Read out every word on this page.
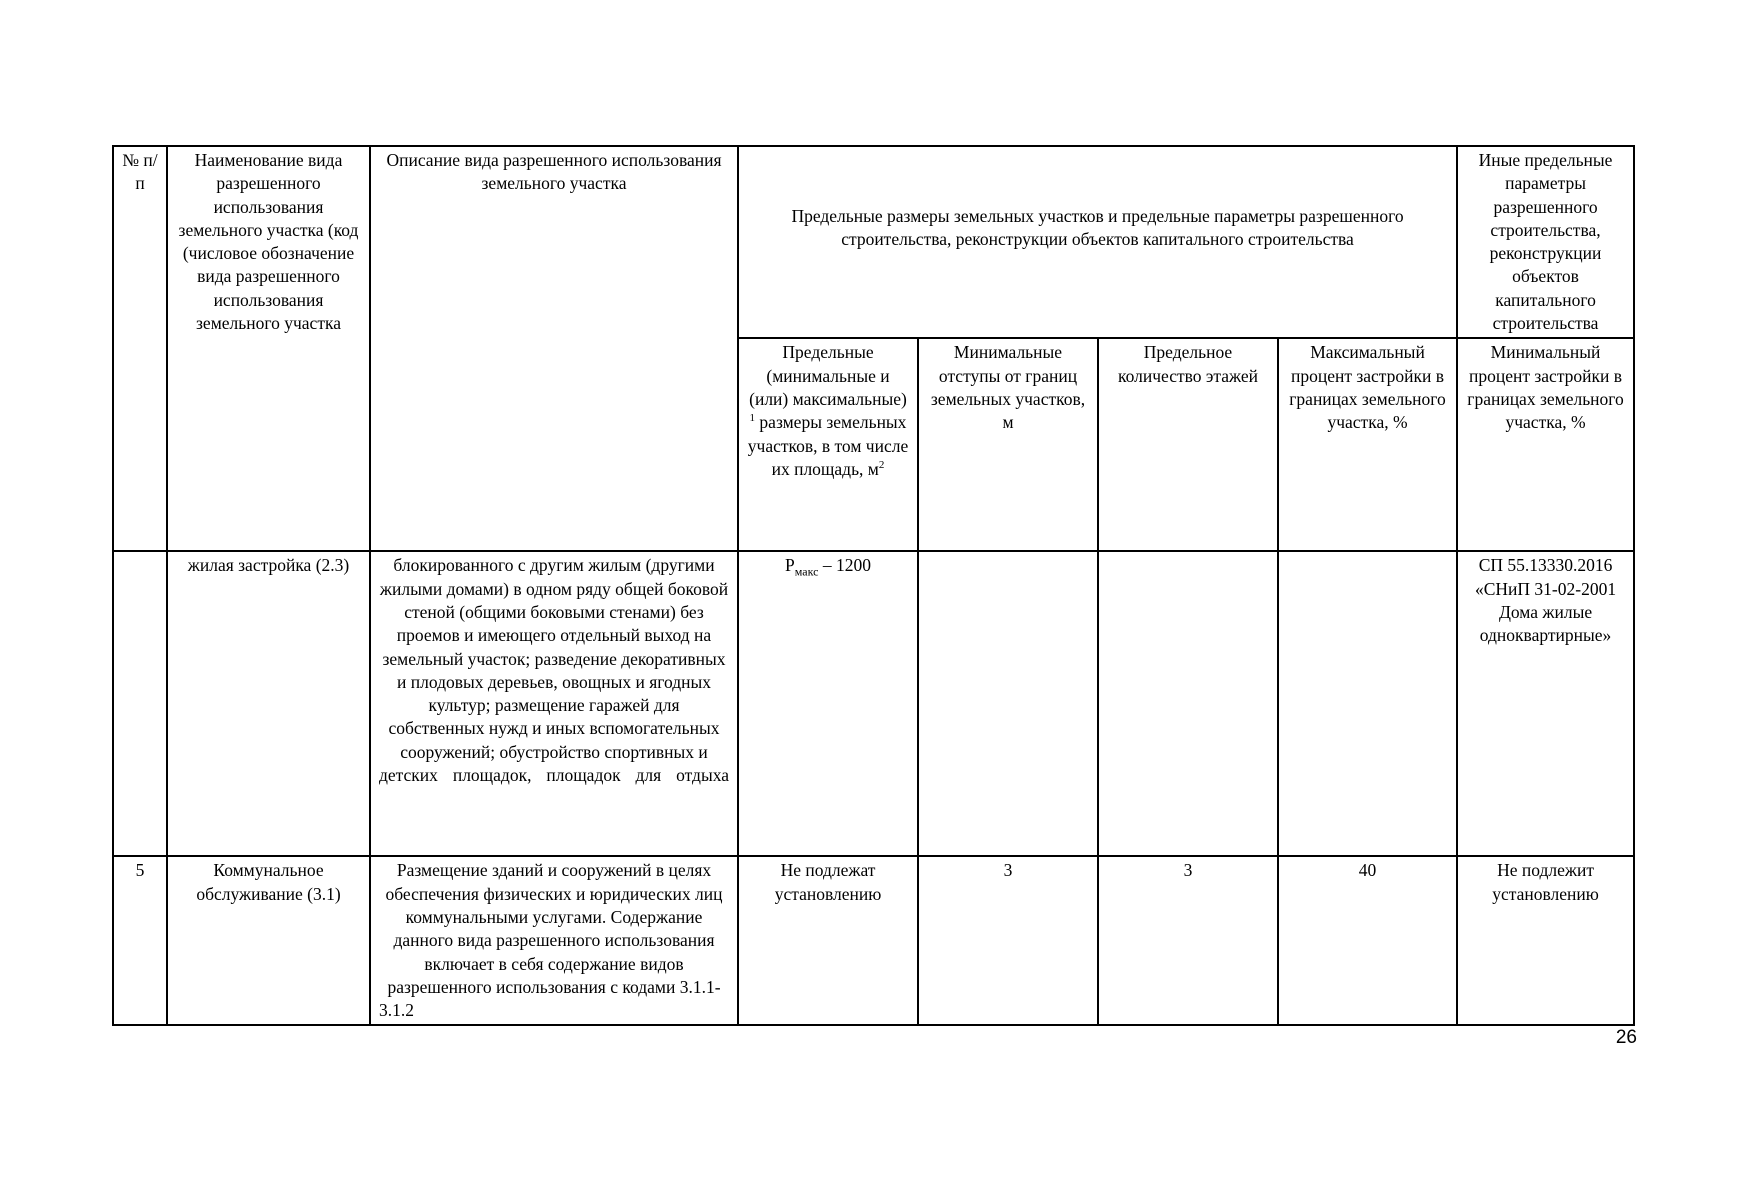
№ п/п	Наименование вида разрешенного использования земельного участка (код (числовое обозначение вида разрешенного использования земельного участка	Описание вида разрешенного использования земельного участка	Предельные размеры земельных участков и предельные параметры разрешенного строительства, реконструкции объектов капитального строительства				Иные предельные параметры разрешенного строительства, реконструкции объектов капитального строительства
			Предельные (минимальные и (или) максимальные) $^1$ размеры земельных участков, в том числе их площадь, $м^2$	Минимальные отступы от границ земельных участков, м	Предельное количество этажей	Максимальный процент застройки в границах земельного участка, %	Минимальный процент застройки в границах земельного участка, %
	жилая застройка (2.3)	блокированного с другим жилым (другими жилыми домами) в одном ряду общей боковой стеной (общими боковыми стенами) без проемов и имеющего отдельный выход на земельный участок; разведение декоративных и плодовых деревьев, овощных и ягодных культур; размещение гаражей для собственных нужд и иных вспомогательных сооружений; обустройство спортивных и детских площадок, площадок для отдыха	$P_{макс} - 1200$				СП 55.13330.2016 «СНиП 31-02-2001 Дома жилые одноквартирные»
5	Коммунальное обслуживание (3.1)	Размещение зданий и сооружений в целях обеспечения физических и юридических лиц коммунальными услугами. Содержание данного вида разрешенного использования включает в себя содержание видов разрешенного использования с кодами 3.1.1-3.1.2	Не подлежат установлению	3	3	40	Не подлежит установлению
26
